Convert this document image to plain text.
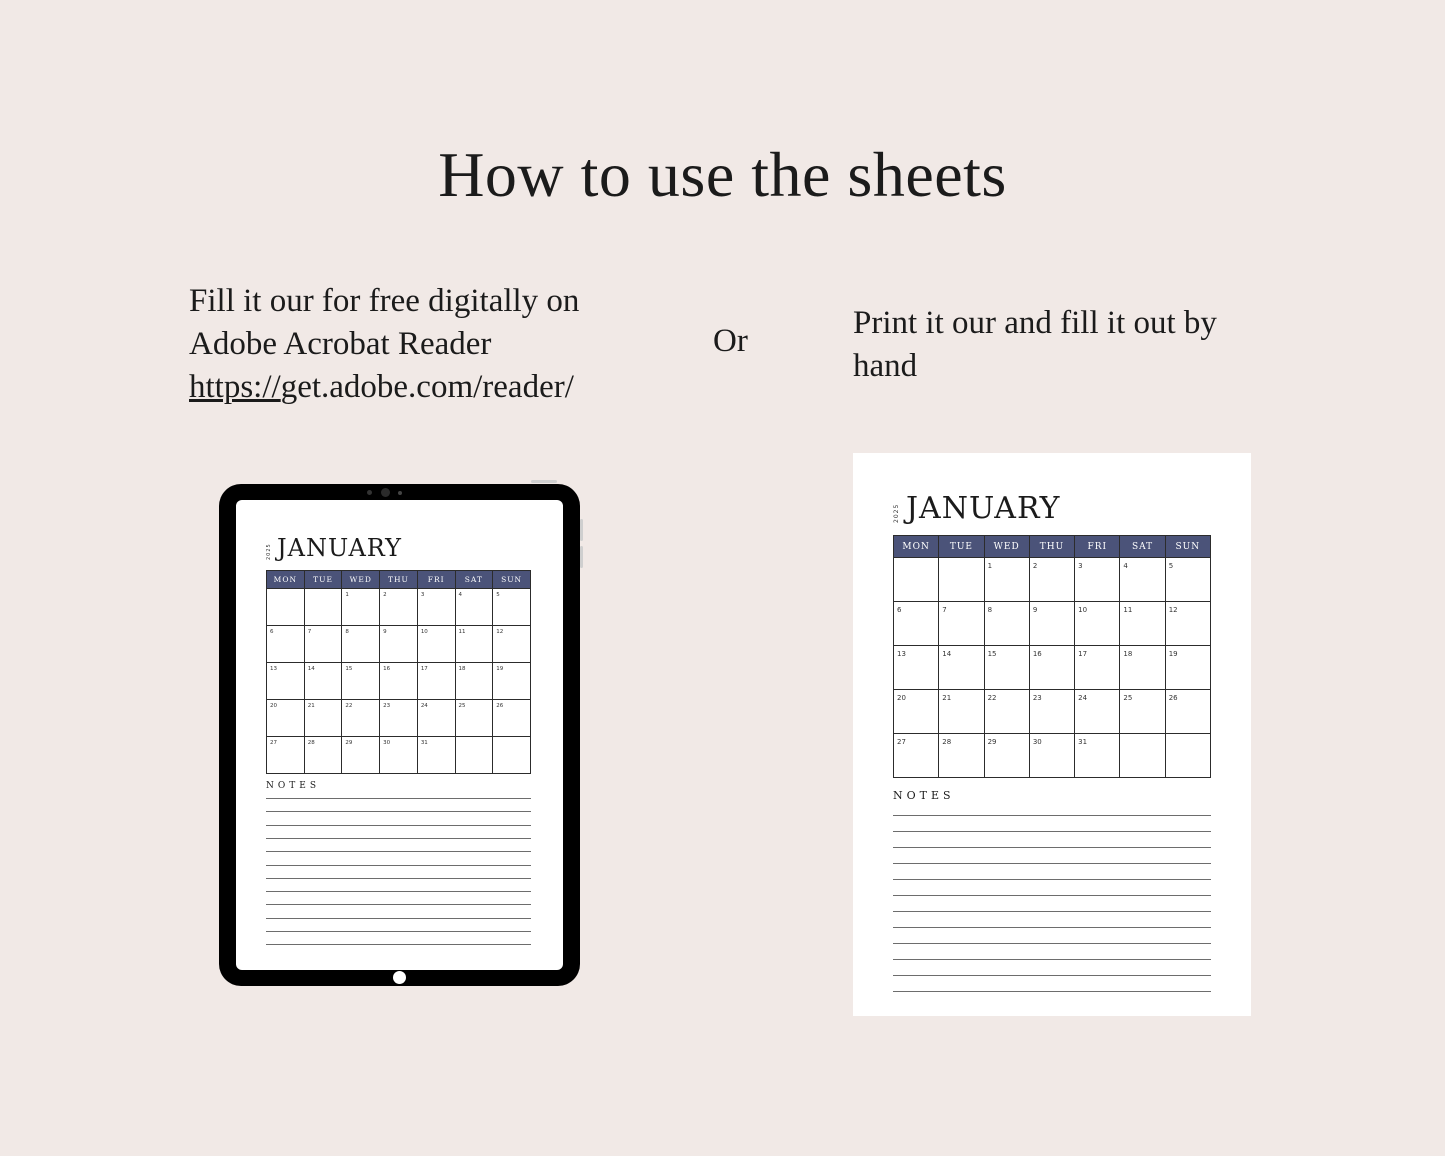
How to use the sheets
Fill it our for free digitally on
Adobe Acrobat Reader
https://get.adobe.com/reader/
Or	Print it our and fill it out by
hand
2025 JANUARY
MON	TUE	WED	THU	FRI	SAT	SUN

		1	2	3	4	5

6	7	8	9	10	11	12

13	14	15	16	17	18	19

20	21	22	23	24	25	26

27	28	29	30	31		

NOTES
2025 JANUARY
MON	TUE	WED	THU	FRI	SAT	SUN

		1	2	3	4	5

6	7	8	9	10	11	12

13	14	15	16	17	18	19

20	21	22	23	24	25	26

27	28	29	30	31		

NOTES
